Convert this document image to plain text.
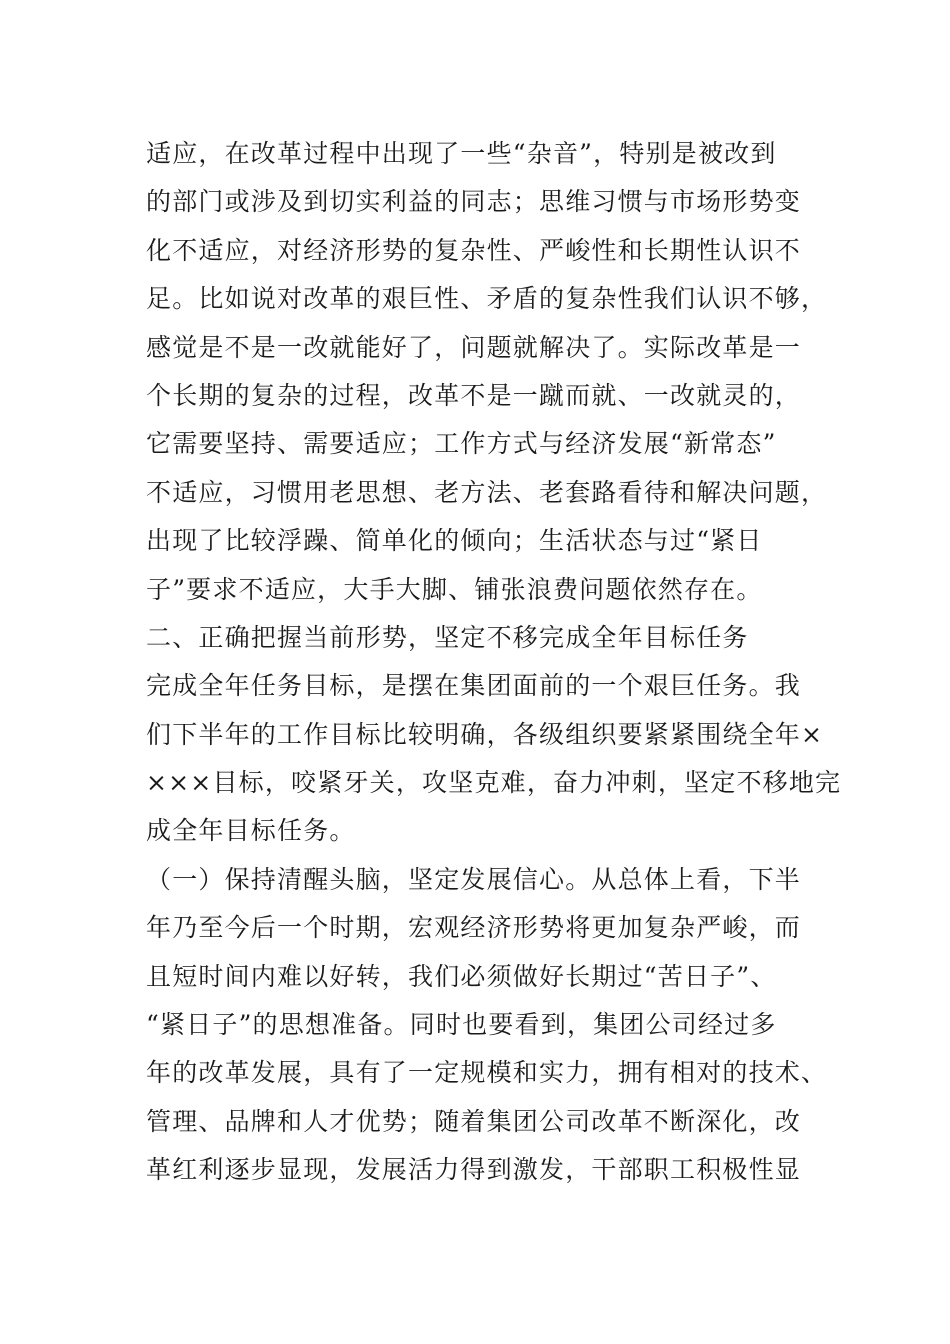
适应，在改革过程中出现了一些“杂音”，特别是被改到
的部门或涉及到切实利益的同志；思维习惯与市场形势变
化不适应，对经济形势的复杂性、严峻性和长期性认识不
足。比如说对改革的艰巨性、矛盾的复杂性我们认识不够，
感觉是不是一改就能好了，问题就解决了。实际改革是一
个长期的复杂的过程，改革不是一蹴而就、一改就灵的，
它需要坚持、需要适应；工作方式与经济发展“新常态”
不适应，习惯用老思想、老方法、老套路看待和解决问题，
出现了比较浮躁、简单化的倾向；生活状态与过“紧日
子”要求不适应，大手大脚、铺张浪费问题依然存在。
二、正确把握当前形势，坚定不移完成全年目标任务
完成全年任务目标，是摆在集团面前的一个艰巨任务。我
们下半年的工作目标比较明确，各级组织要紧紧围绕全年×
×××目标，咬紧牙关，攻坚克难，奋力冲刺，坚定不移地完
成全年目标任务。
（一）保持清醒头脑，坚定发展信心。从总体上看，下半
年乃至今后一个时期，宏观经济形势将更加复杂严峻，而
且短时间内难以好转，我们必须做好长期过“苦日子”、
“紧日子”的思想准备。同时也要看到，集团公司经过多
年的改革发展，具有了一定规模和实力，拥有相对的技术、
管理、品牌和人才优势；随着集团公司改革不断深化，改
革红利逐步显现，发展活力得到激发，干部职工积极性显
